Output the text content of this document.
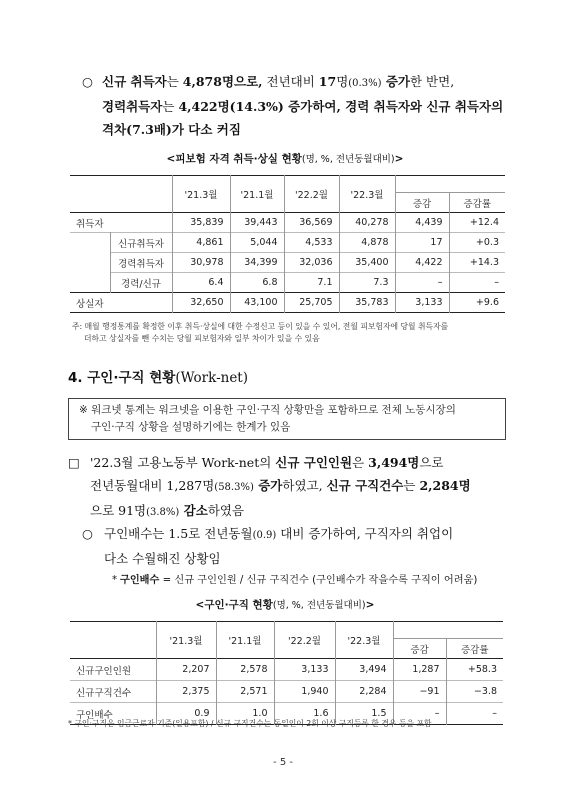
○ 신규 취득자는 4,878명으로, 전년대비 17명(0.3%) 증가한 반면,
경력취득자는 4,422명(14.3%) 증가하여, 경력 취득자와 신규 취득자의
격차(7.3배)가 다소 커짐
<피보험 자격 취득·상실 현황(명, %, 전년동월대비)>
		'21.3월	'21.1월	'22.2월	'22.3월		
						증감	증감률
취득자		35,839	39,443	36,569	40,278	4,439	+12.4
	신규취득자	4,861	5,044	4,533	4,878	17	+0.3
	경력취득자	30,978	34,399	32,036	35,400	4,422	+14.3
	경력/신규	6.4	6.8	7.1	7.3	–	–
상실자		32,650	43,100	25,705	35,783	3,133	+9.6
주: 매월 행정통계를 확정한 이후 취득·상실에 대한 수정신고 등이 있을 수 있어, 전월 피보험자에 당월 취득자를
더하고 상실자를 뺀 수치는 당월 피보험자와 일부 차이가 있을 수 있음
4. 구인·구직 현황(Work-net)
※ 워크넷 통계는 워크넷을 이용한 구인·구직 상황만을 포함하므로 전체 노동시장의
구인·구직 상황을 설명하기에는 한계가 있음
□ '22.3월 고용노동부 Work-net의 신규 구인인원은 3,494명으로
전년동월대비 1,287명(58.3%) 증가하였고, 신규 구직건수는 2,284명
으로 91명(3.8%) 감소하였음
○ 구인배수는 1.5로 전년동월(0.9) 대비 증가하여, 구직자의 취업이
다소 수월해진 상황임
* 구인배수 = 신규 구인인원 / 신규 구직건수 (구인배수가 작을수록 구직이 어려움)
<구인·구직 현황(명, %, 전년동월대비)>
	'21.3월	'21.1월	'22.2월	'22.3월		
					증감	증감률
신규구인인원	2,207	2,578	3,133	3,494	1,287	+58.3
신규구직건수	2,375	2,571	1,940	2,284	−91	−3.8
구인배수	0.9	1.0	1.6	1.5	–	–
* 구인·구직은 임금근로자 기준(일용포함) / 신규 구직건수는 동일인이 2회 이상 구직등록 한 경우 등을 포함
- 5 -
